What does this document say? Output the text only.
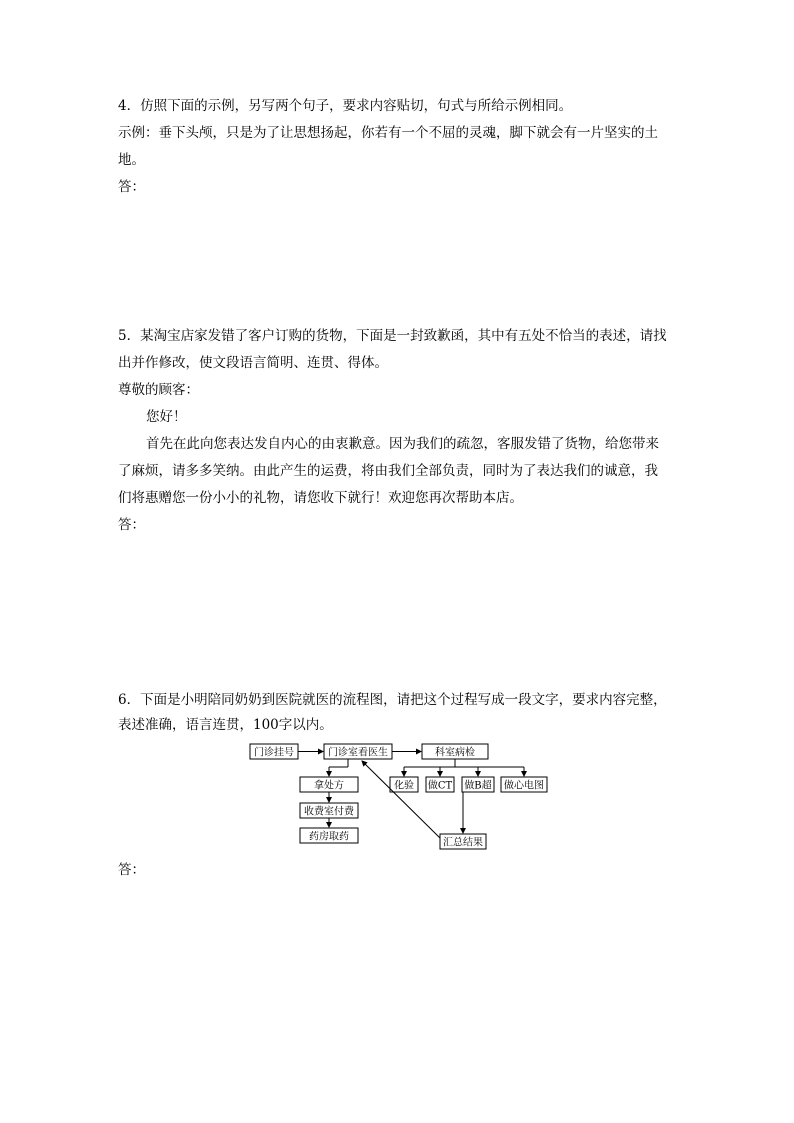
4．仿照下面的示例，另写两个句子，要求内容贴切，句式与所给示例相同。
示例：垂下头颅，只是为了让思想扬起，你若有一个不屈的灵魂，脚下就会有一片坚实的土
地。
答：
5．某淘宝店家发错了客户订购的货物，下面是一封致歉函，其中有五处不恰当的表述，请找
出并作修改，使文段语言简明、连贯、得体。
尊敬的顾客：
您好！
首先在此向您表达发自内心的由衷歉意。因为我们的疏忽，客服发错了货物，给您带来
了麻烦，请多多笑纳。由此产生的运费，将由我们全部负责，同时为了表达我们的诚意，我
们将惠赠您一份小小的礼物，请您收下就行！欢迎您再次帮助本店。
答：
6．下面是小明陪同奶奶到医院就医的流程图，请把这个过程写成一段文字，要求内容完整，
表述准确，语言连贯，100字以内。
门诊挂号	门诊室看医生	科室病检
化验 做CT 做B超 做心电图
汇总结果
拿处方
收费室付费
药房取药
答：
